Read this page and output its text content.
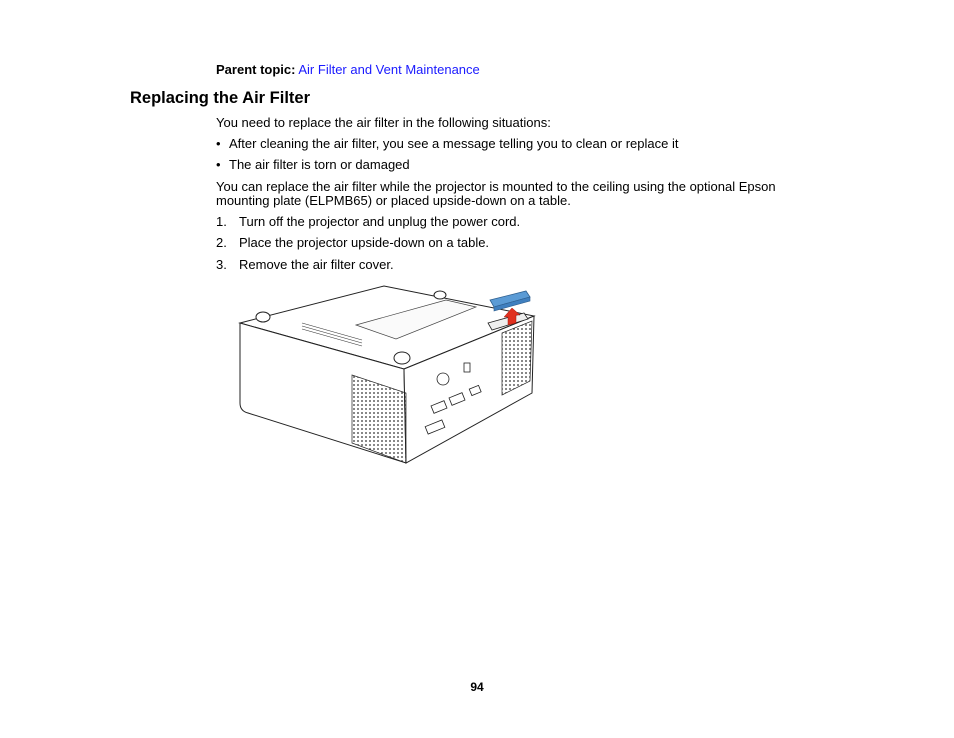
Parent topic: Air Filter and Vent Maintenance
Replacing the Air Filter

You need to replace the air filter in the following situations:

• After cleaning the air filter, you see a message telling you to clean or replace it
• The air filter is torn or damaged

You can replace the air filter while the projector is mounted to the ceiling using the optional Epson

mounting plate (ELPMB65) or placed upside-down on a table.

1. Turn off the projector and unplug the power cord.
2. Place the projector upside-down on a table.
3. Remove the air filter cover.
94
